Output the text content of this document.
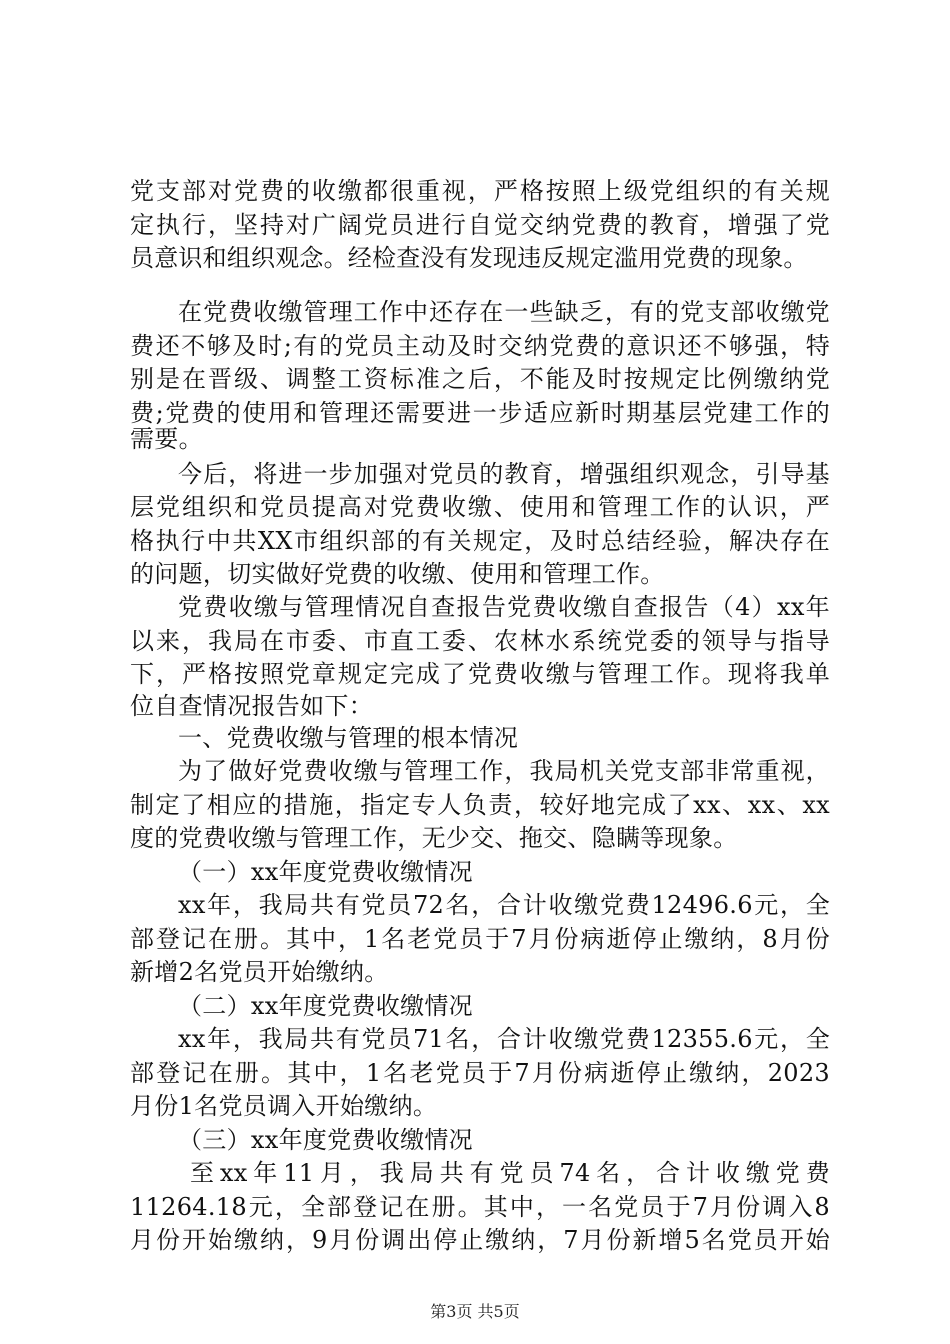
党支部对党费的收缴都很重视，严格按照上级党组织的有关规
定执行，坚持对广阔党员进行自觉交纳党费的教育，增强了党
员意识和组织观念。经检查没有发现违反规定滥用党费的现象。
在党费收缴管理工作中还存在一些缺乏，有的党支部收缴党
费还不够及时;有的党员主动及时交纳党费的意识还不够强，特
别是在晋级、调整工资标准之后，不能及时按规定比例缴纳党
费;党费的使用和管理还需要进一步适应新时期基层党建工作的
需要。
今后，将进一步加强对党员的教育，增强组织观念，引导基
层党组织和党员提高对党费收缴、使用和管理工作的认识，严
格执行中共XX市组织部的有关规定，及时总结经验，解决存在
的问题，切实做好党费的收缴、使用和管理工作。
党费收缴与管理情况自查报告党费收缴自查报告（4）xx年
以来，我局在市委、市直工委、农林水系统党委的领导与指导
下，严格按照党章规定完成了党费收缴与管理工作。现将我单
位自查情况报告如下：
一、党费收缴与管理的根本情况
为了做好党费收缴与管理工作，我局机关党支部非常重视，
制定了相应的措施，指定专人负责，较好地完成了xx、xx、xx
度的党费收缴与管理工作，无少交、拖交、隐瞒等现象。
（一）xx年度党费收缴情况
xx年，我局共有党员72名，合计收缴党费12496.6元，全
部登记在册。其中，1名老党员于7月份病逝停止缴纳，8月份
新增2名党员开始缴纳。
（二）xx年度党费收缴情况
xx年，我局共有党员71名，合计收缴党费12355.6元，全
部登记在册。其中，1名老党员于7月份病逝停止缴纳，2023
月份1名党员调入开始缴纳。
（三）xx年度党费收缴情况
至xx年11月，我局共有党员74名，合计收缴党费
11264.18元，全部登记在册。其中，一名党员于7月份调入8
月份开始缴纳，9月份调出停止缴纳，7月份新增5名党员开始
第3页 共5页
